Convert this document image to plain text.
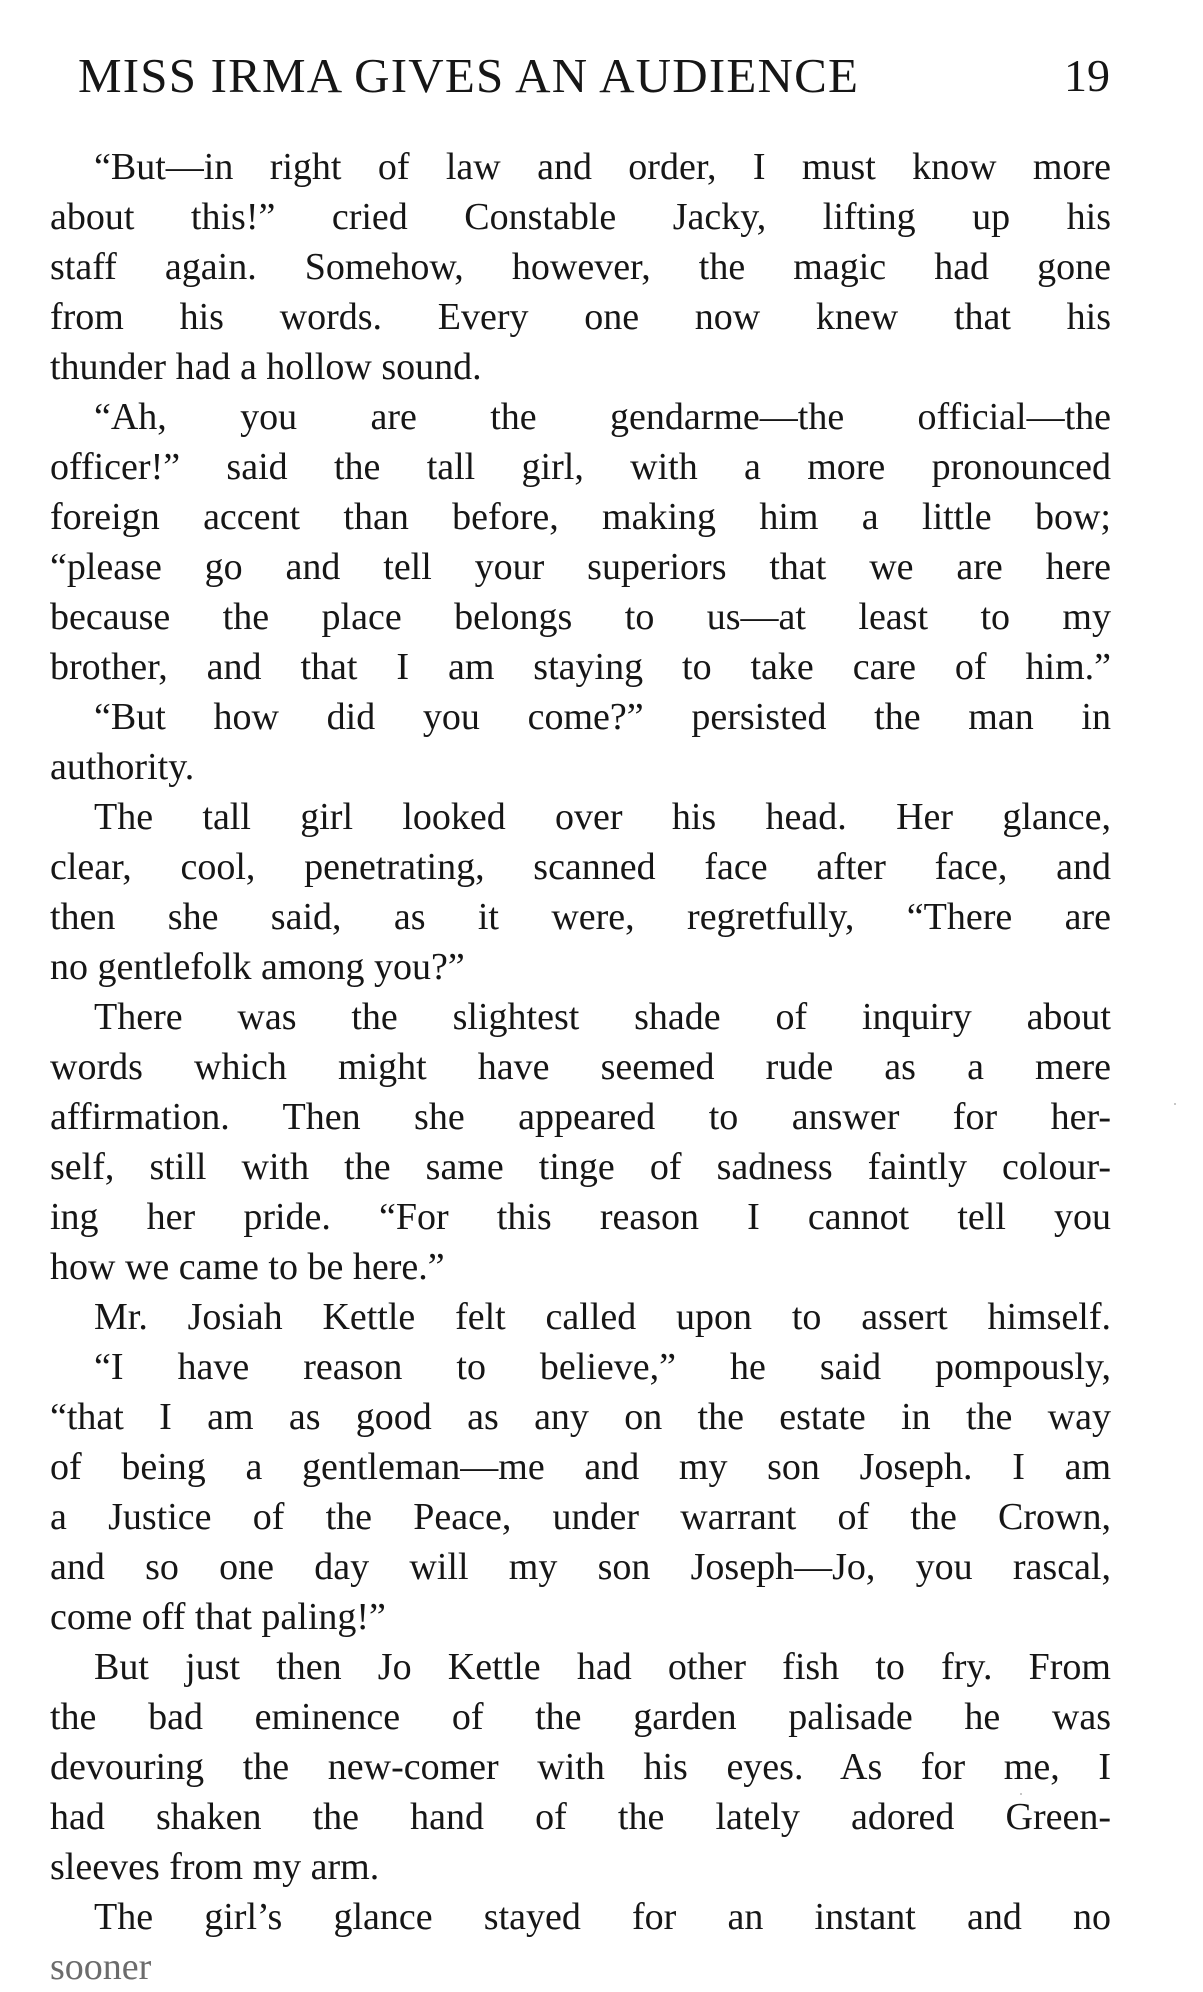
MISS IRMA GIVES AN AUDIENCE	19
“But—in right of law and order, I must know more
about this!” cried Constable Jacky, lifting up his
staff again. Somehow, however, the magic had gone
from his words. Every one now knew that his
thunder had a hollow sound.
“Ah, you are the gendarme—the official—the
officer!” said the tall girl, with a more pronounced
foreign accent than before, making him a little bow;
“please go and tell your superiors that we are here
because the place belongs to us—at least to my
brother, and that I am staying to take care of him.”
“But how did you come?” persisted the man in
authority.
The tall girl looked over his head. Her glance,
clear, cool, penetrating, scanned face after face, and
then she said, as it were, regretfully, “There are
no gentlefolk among you?”
There was the slightest shade of inquiry about
words which might have seemed rude as a mere
affirmation. Then she appeared to answer for her-
self, still with the same tinge of sadness faintly colour-
ing her pride. “For this reason I cannot tell you
how we came to be here.”
Mr. Josiah Kettle felt called upon to assert himself.
“I have reason to believe,” he said pompously,
“that I am as good as any on the estate in the way
of being a gentleman—me and my son Joseph. I am
a Justice of the Peace, under warrant of the Crown,
and so one day will my son Joseph—Jo, you rascal,
come off that paling!”
But just then Jo Kettle had other fish to fry. From
the bad eminence of the garden palisade he was
devouring the new-comer with his eyes. As for me, I
had shaken the hand of the lately adored Green-
sleeves from my arm.
The girl’s glance stayed for an instant and no
sooner
